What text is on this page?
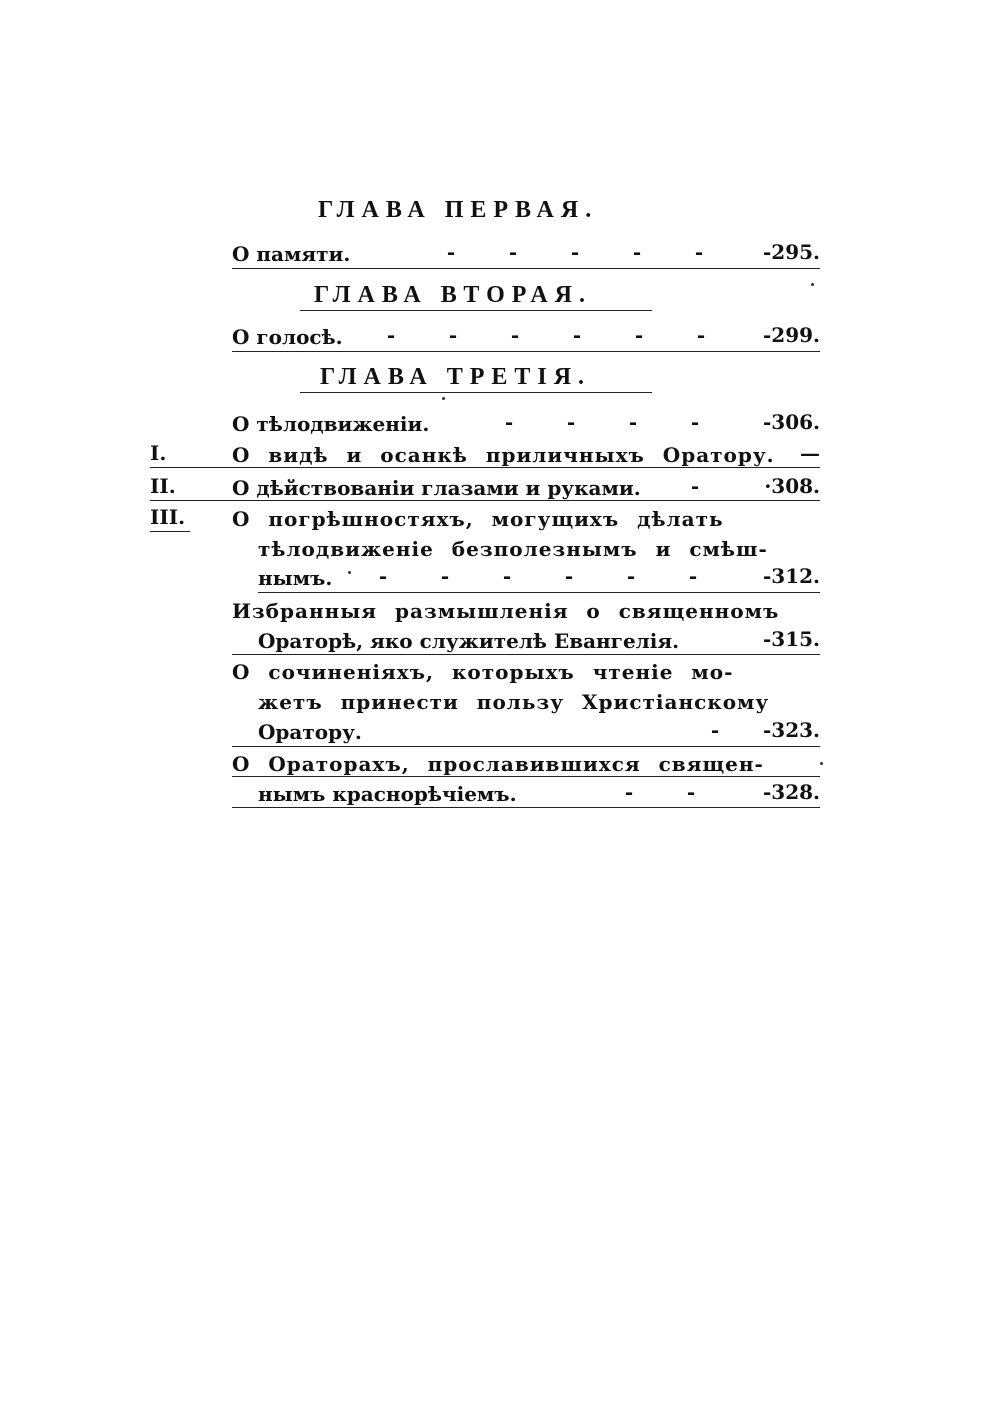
ГЛАВА ПЕРВАЯ.
О памяти.	-	-	-	-	-	-295.
ГЛАВА ВТОРАЯ.
О голосѣ.	-	-	-	-	-	-	-299.
ГЛАВА ТРЕТІЯ.
О тѣлодвиженіи.	-	-	-	-	-306.
I.	О видѣ и осанкѣ приличныхъ Оратору.	—
II.	О дѣйствованіи глазами и руками.	-	·308.
III. О погрѣшностяхъ, могущихъ дѣлать
тѣлодвиженіе безполезнымъ и смѣш-
нымъ.	-	-	-	-	-	-	-312.
Избранныя размышленія о священномъ
Ораторѣ, яко служителѣ Евангелія.	-315.
О сочиненіяхъ, которыхъ чтеніе мо-
жетъ принести пользу Христіанскому
Оратору.	-	-323.
О Ораторахъ, прославившихся священ-
нымъ краснорѣчіемъ.	-	-	-328.
